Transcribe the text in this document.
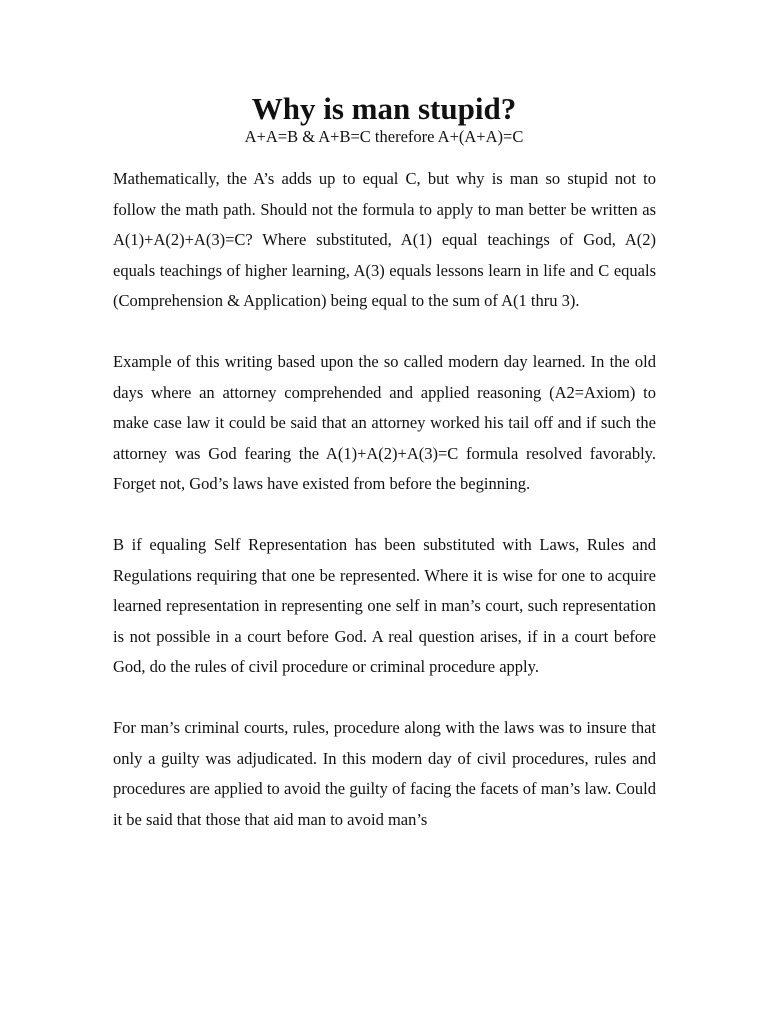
Why is man stupid?
A+A=B & A+B=C therefore A+(A+A)=C

Mathematically, the A’s adds up to equal C, but why is man so stupid not to follow the math path. Should not the formula to apply to man better be written as A(1)+A(2)+A(3)=C? Where substituted, A(1) equal teachings of God, A(2) equals teachings of higher learning, A(3) equals lessons learn in life and C equals (Comprehension & Application) being equal to the sum of A(1 thru 3).

Example of this writing based upon the so called modern day learned. In the old days where an attorney comprehended and applied reasoning (A2=Axiom) to make case law it could be said that an attorney worked his tail off and if such the attorney was God fearing the A(1)+A(2)+A(3)=C formula resolved favorably. Forget not, God’s laws have existed from before the beginning.

B if equaling Self Representation has been substituted with Laws, Rules and Regulations requiring that one be represented. Where it is wise for one to acquire learned representation in representing one self in man’s court, such representation is not possible in a court before God. A real question arises, if in a court before God, do the rules of civil procedure or criminal procedure apply.

For man’s criminal courts, rules, procedure along with the laws was to insure that only a guilty was adjudicated. In this modern day of civil procedures, rules and procedures are applied to avoid the guilty of facing the facets of man’s law. Could it be said that those that aid man to avoid man’s
